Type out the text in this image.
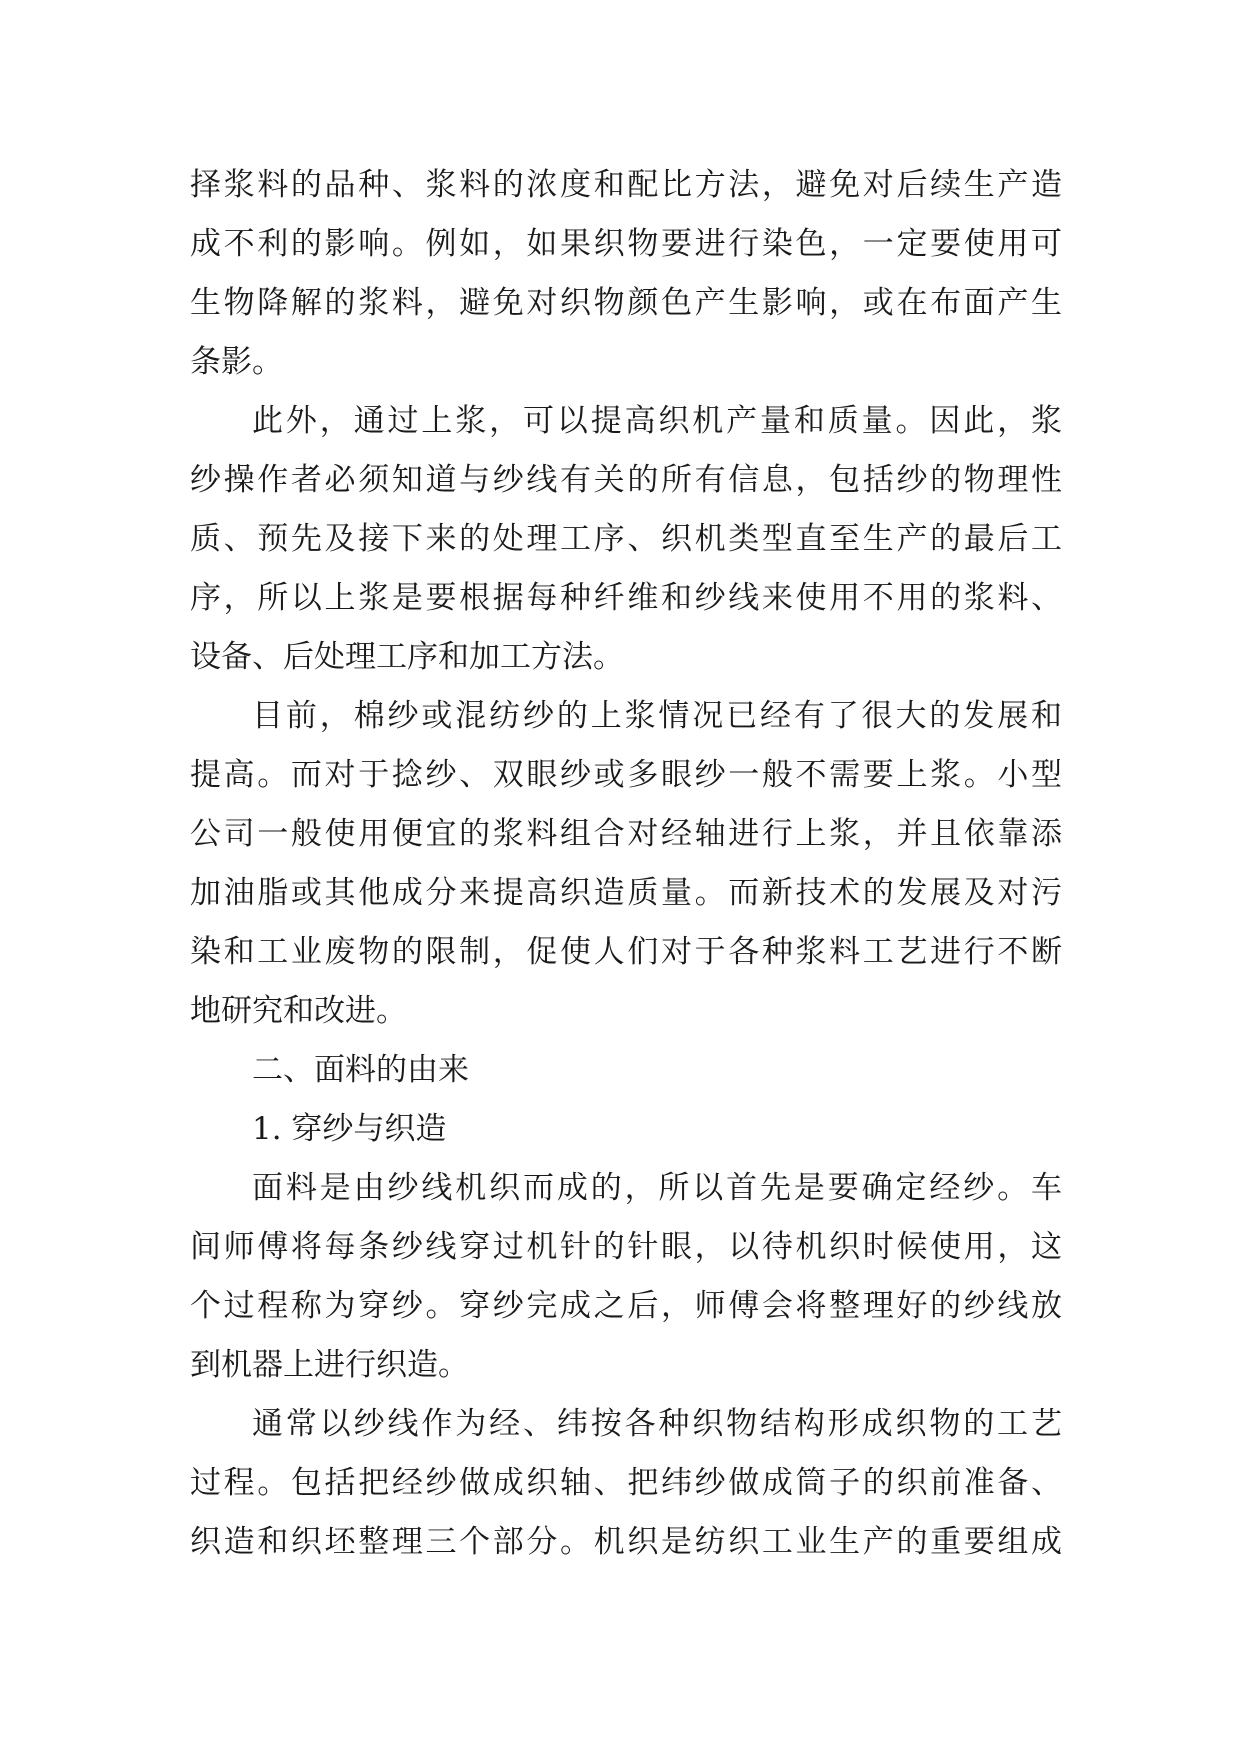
择浆料的品种、浆料的浓度和配比方法，避免对后续生产造
成不利的影响。例如，如果织物要进行染色，一定要使用可
生物降解的浆料，避免对织物颜色产生影响，或在布面产生
条影。
此外，通过上浆，可以提高织机产量和质量。因此，浆
纱操作者必须知道与纱线有关的所有信息，包括纱的物理性
质、预先及接下来的处理工序、织机类型直至生产的最后工
序，所以上浆是要根据每种纤维和纱线来使用不用的浆料、
设备、后处理工序和加工方法。
目前，棉纱或混纺纱的上浆情况已经有了很大的发展和
提高。而对于捻纱、双眼纱或多眼纱一般不需要上浆。小型
公司一般使用便宜的浆料组合对经轴进行上浆，并且依靠添
加油脂或其他成分来提高织造质量。而新技术的发展及对污
染和工业废物的限制，促使人们对于各种浆料工艺进行不断
地研究和改进。
二、面料的由来
1. 穿纱与织造
面料是由纱线机织而成的，所以首先是要确定经纱。车
间师傅将每条纱线穿过机针的针眼，以待机织时候使用，这
个过程称为穿纱。穿纱完成之后，师傅会将整理好的纱线放
到机器上进行织造。
通常以纱线作为经、纬按各种织物结构形成织物的工艺
过程。包括把经纱做成织轴、把纬纱做成筒子的织前准备、
织造和织坯整理三个部分。机织是纺织工业生产的重要组成
